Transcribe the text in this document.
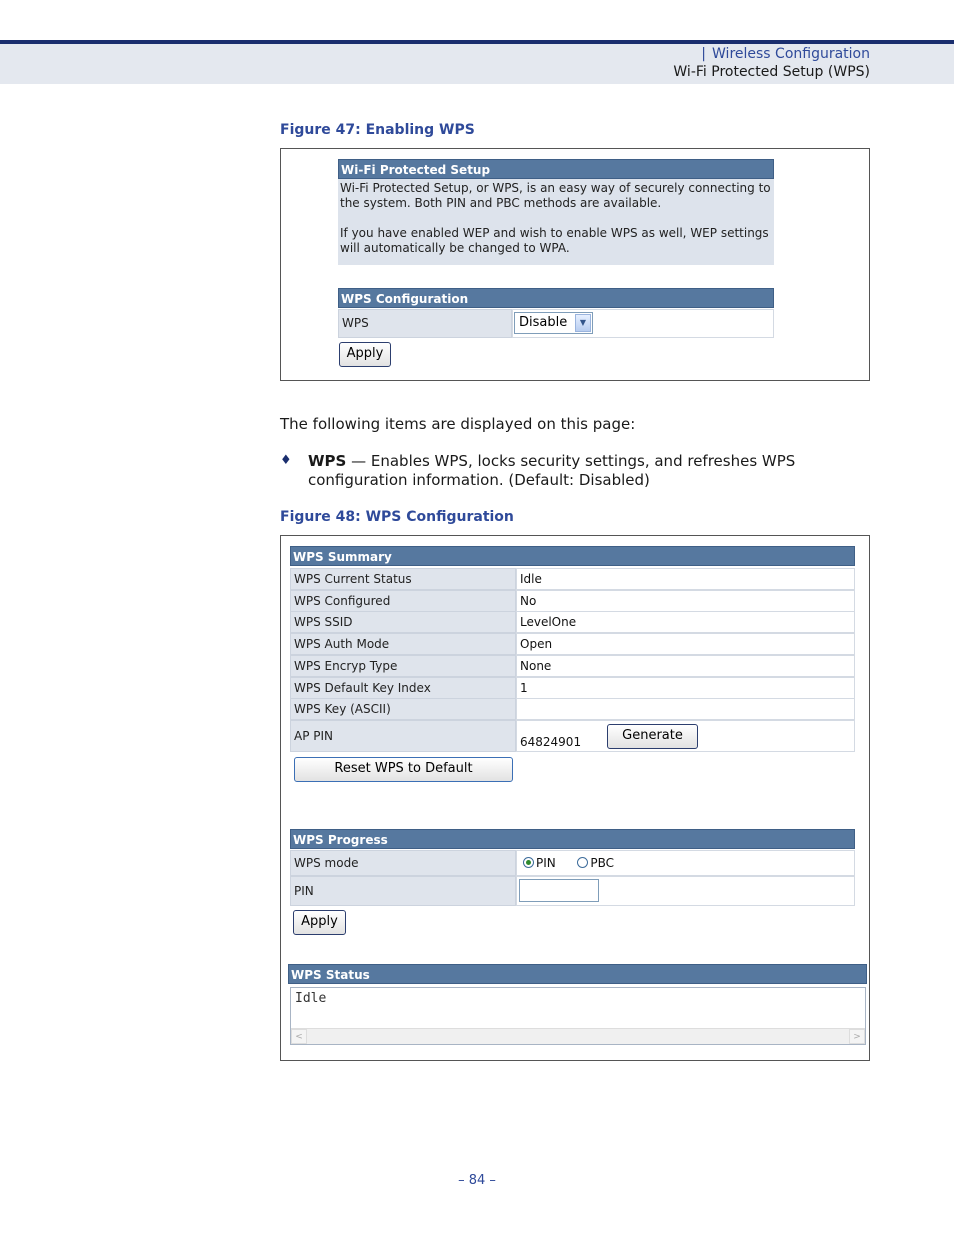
| Wireless Configuration
Wi-Fi Protected Setup (WPS)
Figure 47: Enabling WPS
Wi-Fi Protected Setup
Wi-Fi Protected Setup, or WPS, is an easy way of securely connecting to the system. Both PIN and PBC methods are available.
If you have enabled WEP and wish to enable WPS as well, WEP settings will automatically be changed to WPA.
WPS Configuration
WPS	Disable	▼
Apply
The following items are displayed on this page:
♦ WPS — Enables WPS, locks security settings, and refreshes WPS
configuration information. (Default: Disabled)
Figure 48: WPS Configuration
WPS Summary
WPS Current Status	Idle
WPS Configured	No
WPS SSID	LevelOne
WPS Auth Mode	Open
WPS Encryp Type	None
WPS Default Key Index	1
WPS Key (ASCII)
AP PIN	64824901	Generate
Reset WPS to Default
WPS Progress
WPS mode	PIN	PBC
PIN
Apply
WPS Status
Idle
<	>
– 84 –
